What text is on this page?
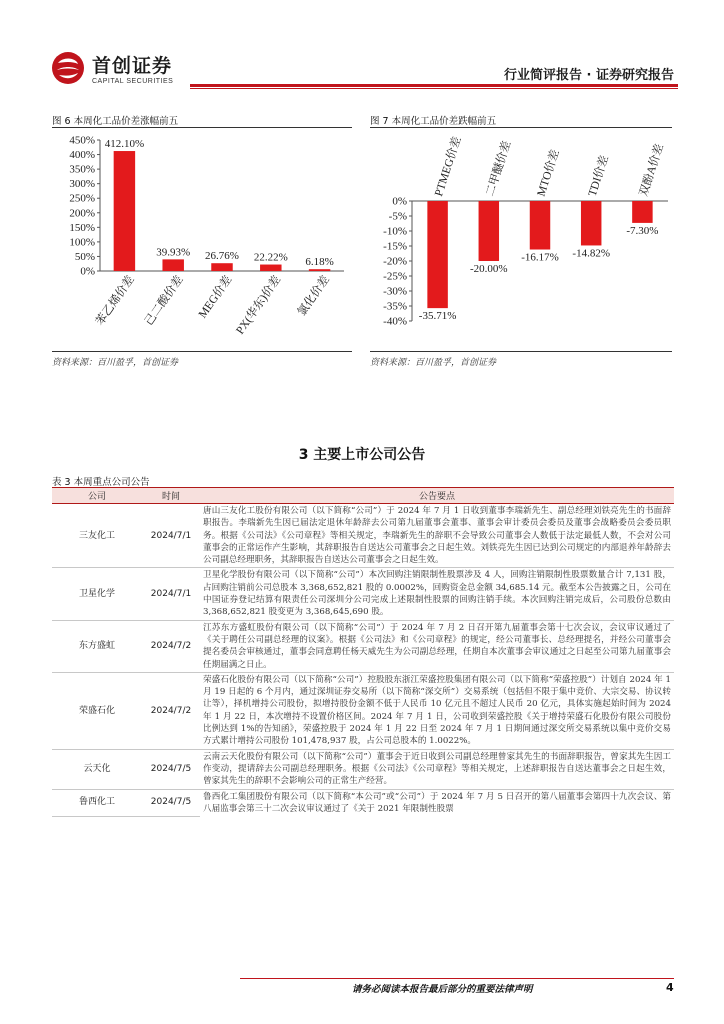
首创证券
CAPITAL SECURITIES	行业简评报告 · 证券研究报告
图 6 本周化工品价差涨幅前五
0%
50%
100%
150%
200%
250%
300%
350%
400%
450% 412.10%
苯乙烯价差
39.93%
己二酸价差
26.76%
MEG价差
22.22%
PX(华东)价差
6.18%
氯化价差
资料来源：百川盈孚，首创证券
图 7 本周化工品价差跌幅前五
0%
-5%
-10%
-15%
-20%
-25%
-30%
-35%
-40% -35.71%
PTMEG价差
-20.00%
二甲醚价差
-16.17%
MTO价差
-14.82%
TDI价差
-7.30%
双酚A价差
资料来源：百川盈孚，首创证券
3 主要上市公司公告
表 3 本周重点公司公告
公司	时间	公告要点
三友化工	2024/7/1	唐山三友化工股份有限公司（以下简称“公司”）于 2024 年 7 月 1 日收到董事李瑞新先生、副总经理刘铁亮先生的书面辞职报告。李瑞新先生因已届法定退休年龄辞去公司第九届董事会董事、董事会审计委员会委员及董事会战略委员会委员职务。根据《公司法》《公司章程》等相关规定，李瑞新先生的辞职不会导致公司董事会人数低于法定最低人数，不会对公司董事会的正常运作产生影响，其辞职报告自送达公司董事会之日起生效。刘铁亮先生因已达到公司规定的内部退养年龄辞去公司副总经理职务，其辞职报告自送达公司董事会之日起生效。
卫星化学	2024/7/1	卫星化学股份有限公司（以下简称“公司”）本次回购注销限制性股票涉及 4 人，回购注销限制性股票数量合计 7,131 股，占回购注销前公司总股本 3,368,652,821 股的 0.0002%，回购资金总金额 34,685.14 元。截至本公告披露之日，公司在中国证券登记结算有限责任公司深圳分公司完成上述限制性股票的回购注销手续。本次回购注销完成后，公司股份总数由 3,368,652,821 股变更为 3,368,645,690 股。
东方盛虹	2024/7/2	江苏东方盛虹股份有限公司（以下简称“公司”）于 2024 年 7 月 2 日召开第九届董事会第十七次会议，会议审议通过了《关于聘任公司副总经理的议案》。根据《公司法》和《公司章程》的规定，经公司董事长、总经理提名，并经公司董事会提名委员会审核通过，董事会同意聘任杨天威先生为公司副总经理，任期自本次董事会审议通过之日起至公司第九届董事会任期届满之日止。
荣盛石化	2024/7/2	荣盛石化股份有限公司（以下简称“公司”）控股股东浙江荣盛控股集团有限公司（以下简称“荣盛控股”）计划自 2024 年 1 月 19 日起的 6 个月内，通过深圳证券交易所（以下简称“深交所”）交易系统（包括但不限于集中竞价、大宗交易、协议转让等），择机增持公司股份，拟增持股份金额不低于人民币 10 亿元且不超过人民币 20 亿元，具体实施起始时间为 2024 年 1 月 22 日，本次增持不设置价格区间。2024 年 7 月 1 日，公司收到荣盛控股《关于增持荣盛石化股份有限公司股份比例达到 1%的告知函》，荣盛控股于 2024 年 1 月 22 日至 2024 年 7 月 1 日期间通过深交所交易系统以集中竞价交易方式累计增持公司股份 101,478,937 股，占公司总股本的 1.0022%。
云天化	2024/7/5	云南云天化股份有限公司（以下简称“公司”）董事会于近日收到公司副总经理曾家其先生的书面辞职报告，曾家其先生因工作变动，提请辞去公司副总经理职务。根据《公司法》《公司章程》等相关规定，上述辞职报告自送达董事会之日起生效，曾家其先生的辞职不会影响公司的正常生产经营。
鲁西化工	2024/7/5	鲁西化工集团股份有限公司（以下简称“本公司”或“公司”）于 2024 年 7 月 5 日召开的第八届董事会第四十九次会议、第八届监事会第三十二次会议审议通过了《关于 2021 年限制性股票
请务必阅读本报告最后部分的重要法律声明	4
